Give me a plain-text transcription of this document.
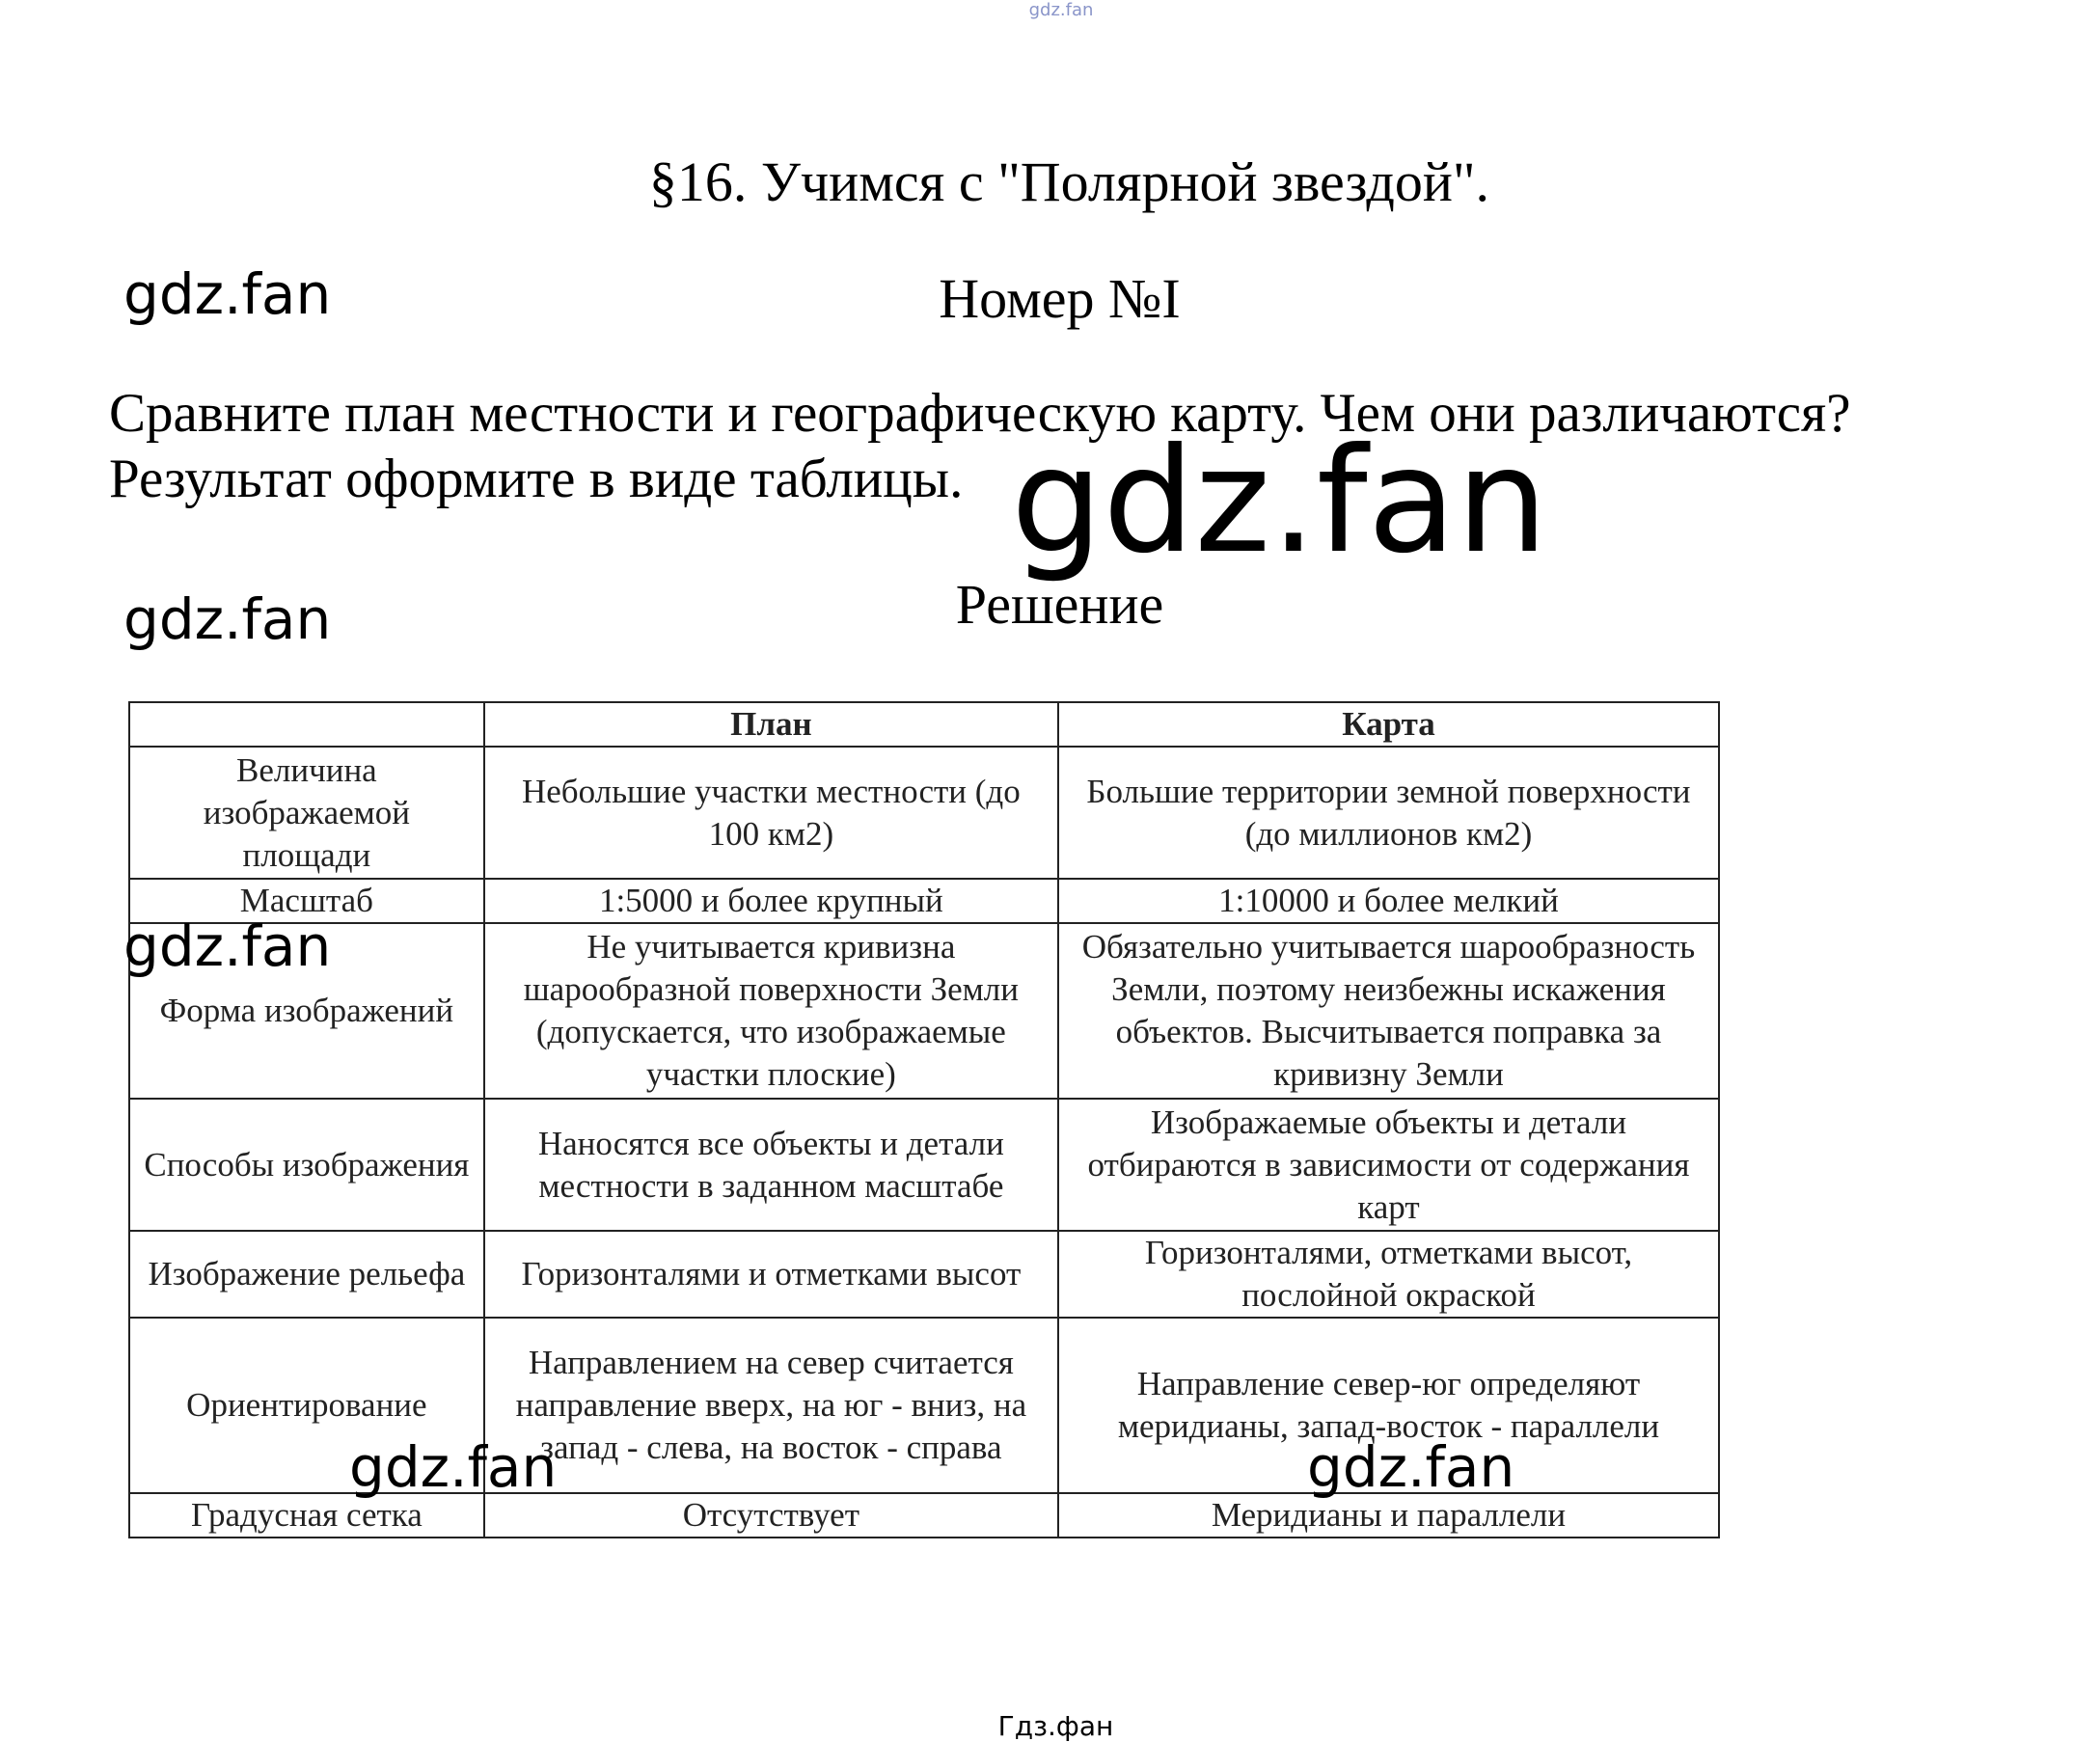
gdz.fan
§16. Учимся с "Полярной звездой".
Номер №I
Сравните план местности и географическую карту. Чем они различаются? Результат оформите в виде таблицы.
Решение
	План	Карта
Величина изображаемой площади	Небольшие участки местности (до 100 км2)	Большие территории земной поверхности (до миллионов км2)
Масштаб	1:5000 и более крупный	1:10000 и более мелкий
Форма изображений	Не учитывается кривизна шарообразной поверхности Земли (допускается, что изображаемые участки плоские)	Обязательно учитывается шарообразность Земли, поэтому неизбежны искажения объектов. Высчитывается поправка за кривизну Земли
Способы изображения	Наносятся все объекты и детали местности в заданном масштабе	Изображаемые объекты и детали отбираются в зависимости от содержания карт
Изображение рельефа	Горизонталями и отметками высот	Горизонталями, отметками высот, послойной окраской
Ориентирование	Направлением на север считается направление вверх, на юг - вниз, на запад - слева, на восток - справа	Направление север-юг определяют меридианы, запад-восток - параллели
Градусная сетка	Отсутствует	Меридианы и параллели
gdz.fan
gdz.fan
gdz.fan
gdz.fan
gdz.fan	gdz.fan
Гдз.фан
